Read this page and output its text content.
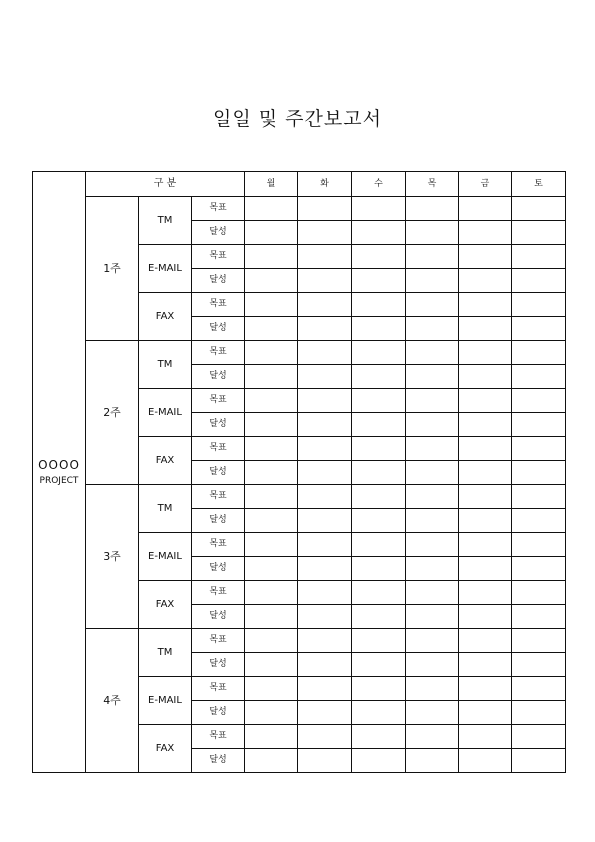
일일 및 주간보고서
OOOO
PROJECT	구 분			월	화	수	목	금	토
	1주	TM	목표						
			달성						
		E-MAIL	목표						
			달성						
		FAX	목표						
			달성						
	2주	TM	목표						
			달성						
		E-MAIL	목표						
			달성						
		FAX	목표						
			달성						
	3주	TM	목표						
			달성						
		E-MAIL	목표						
			달성						
		FAX	목표						
			달성						
	4주	TM	목표						
			달성						
		E-MAIL	목표						
			달성						
		FAX	목표						
			달성						
